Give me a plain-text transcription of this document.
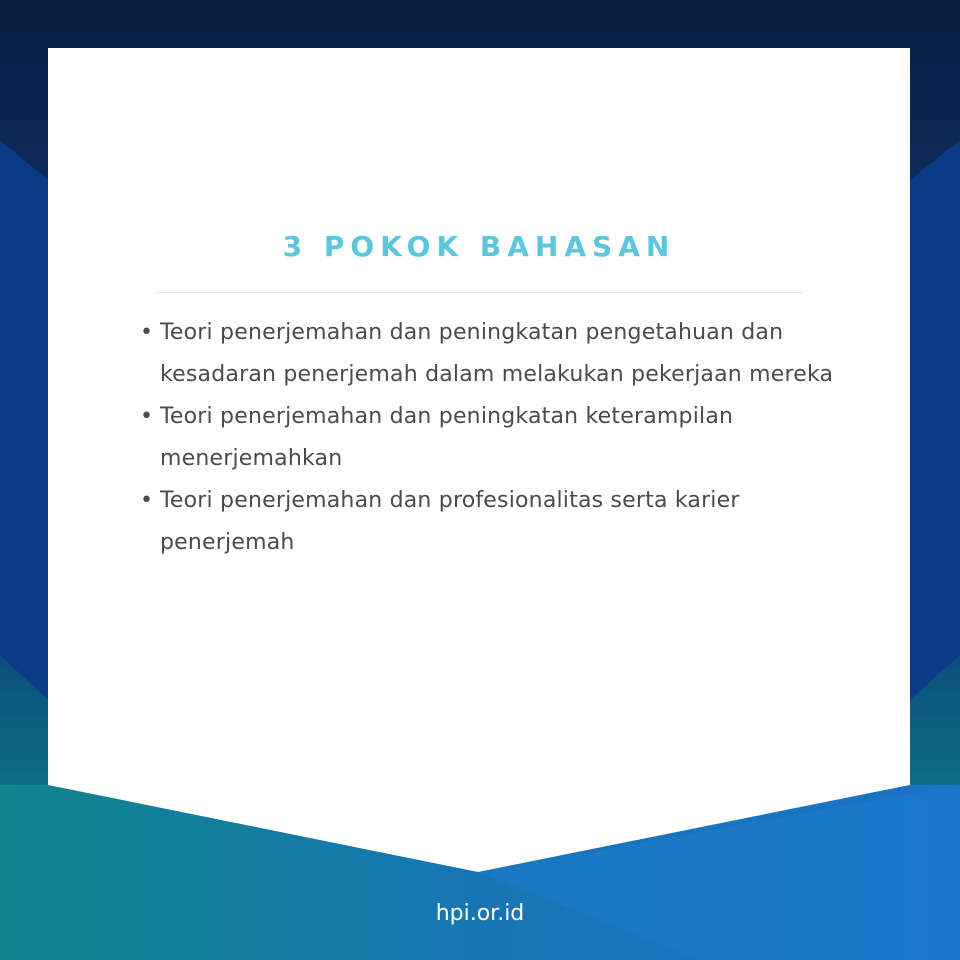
3 POKOK BAHASAN
• Teori penerjemahan dan peningkatan pengetahuan dan kesadaran penerjemah dalam melakukan pekerjaan mereka
• Teori penerjemahan dan peningkatan keterampilan menerjemahkan
• Teori penerjemahan dan profesionalitas serta karier penerjemah

hpi.or.id
